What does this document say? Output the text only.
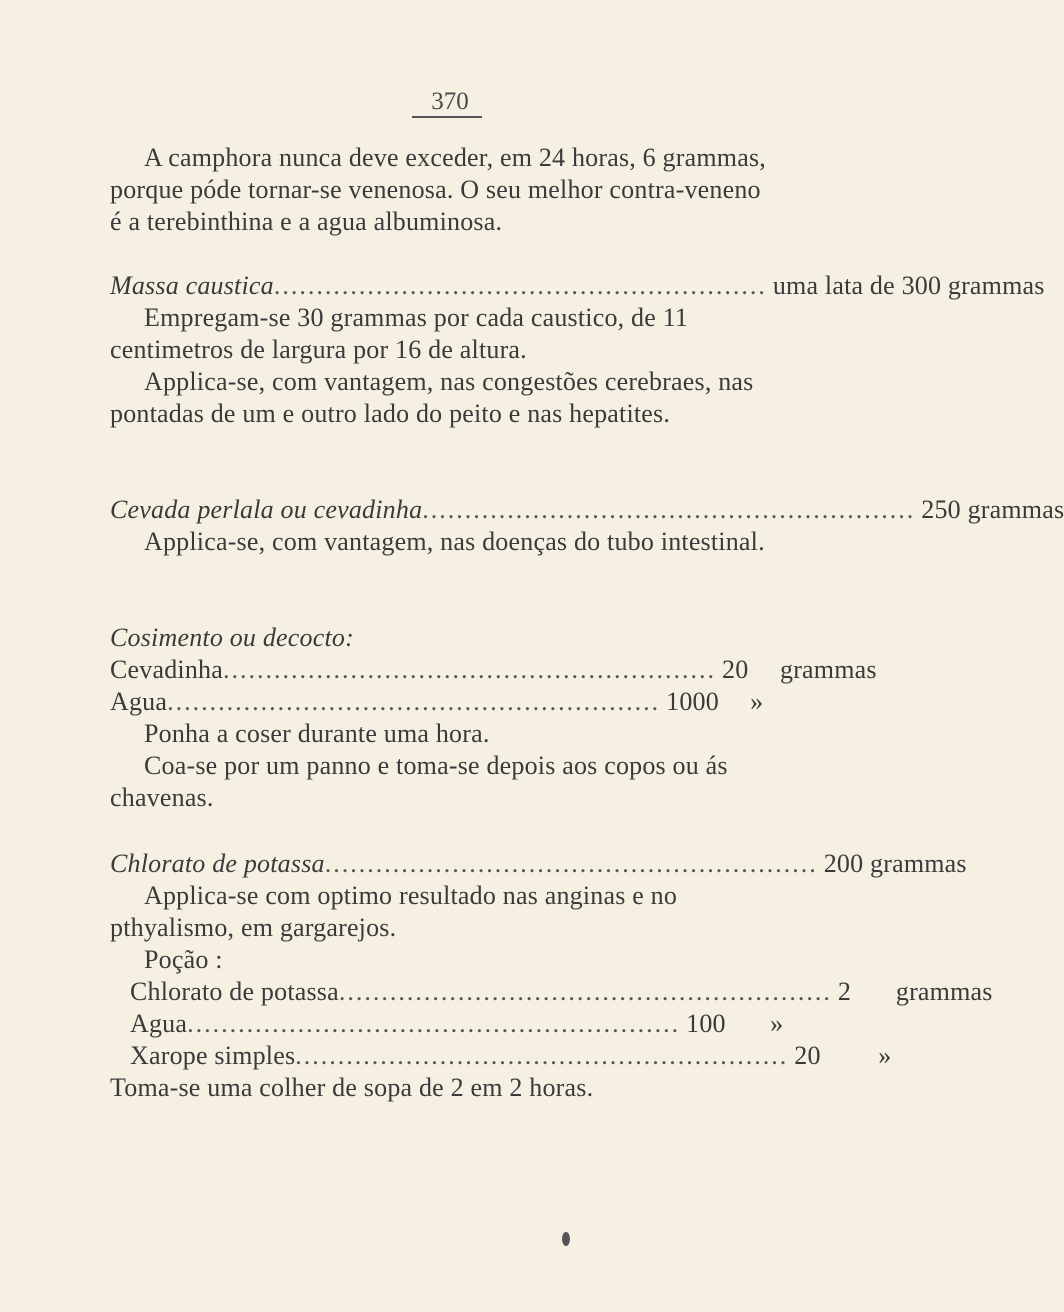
370

A camphora nunca deve exceder, em 24 horas, 6 grammas, porque póde tornar-se venenosa. O seu melhor contra-veneno é a terebinthina e a agua albuminosa.

Massa caustica .......................................................... uma lata de 300 grammas

Empregam-se 30 grammas por cada caustico, de 11 centimetros de largura por 16 de altura.

Applica-se, com vantagem, nas congestões cerebraes, nas pontadas de um e outro lado do peito e nas hepatites.

Cevada perlala ou cevadinha .......................................................... 250 grammas

Applica-se, com vantagem, nas doenças do tubo intestinal.

Cosimento ou decocto:
Cevadinha .......................................................... 20	grammas
Agua .......................................................... 1000	»

Ponha a coser durante uma hora.

Coa-se por um panno e toma-se depois aos copos ou ás chavenas.

Chlorato de potassa .......................................................... 200 grammas

Applica-se com optimo resultado nas anginas e no pthyalismo, em gargarejos.

Poção :

Chlorato de potassa .......................................................... 2	grammas
Agua .......................................................... 100	»
Xarope simples .......................................................... 20	»

Toma-se uma colher de sopa de 2 em 2 horas.
